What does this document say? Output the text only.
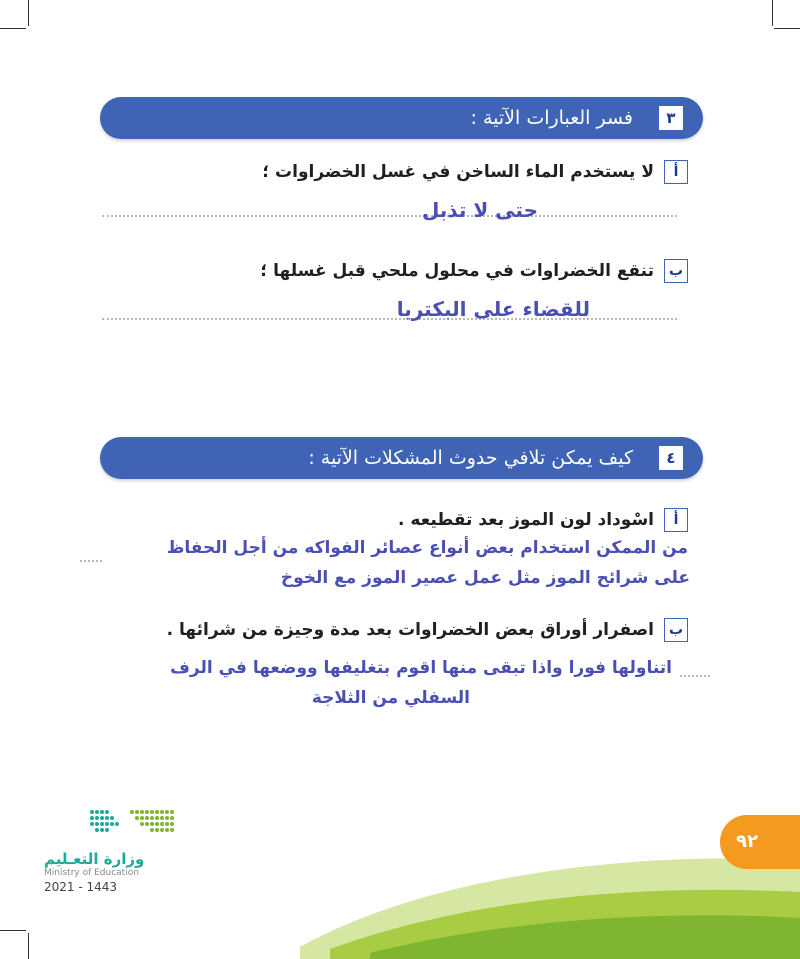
٣
فسر العبارات الآتية :
أ
لا يستخدم الماء الساخن في غسل الخضراوات ؛
حتى لا تذبل
ب
تنقع الخضراوات في محلول ملحي قبل غسلها ؛
للقضاء على البكتريا
٤
كيف يمكن تلافي حدوث المشكلات الآتية :
أ
اسْوداد لون الموز بعد تقطيعه .
من الممكن استخدام بعض أنواع عصائر الفواكه من أجل الحفاظ
على شرائح الموز مثل عمل عصير الموز مع الخوخ
ب
اصفرار أوراق بعض الخضراوات بعد مدة وجيزة من شرائها .
اتناولها فورا واذا تبقى منها اقوم بتغليفها ووضعها في الرف
السفلي من الثلاجة
٩٢
وزارة التعـليم
Ministry of Education
2021 - 1443
